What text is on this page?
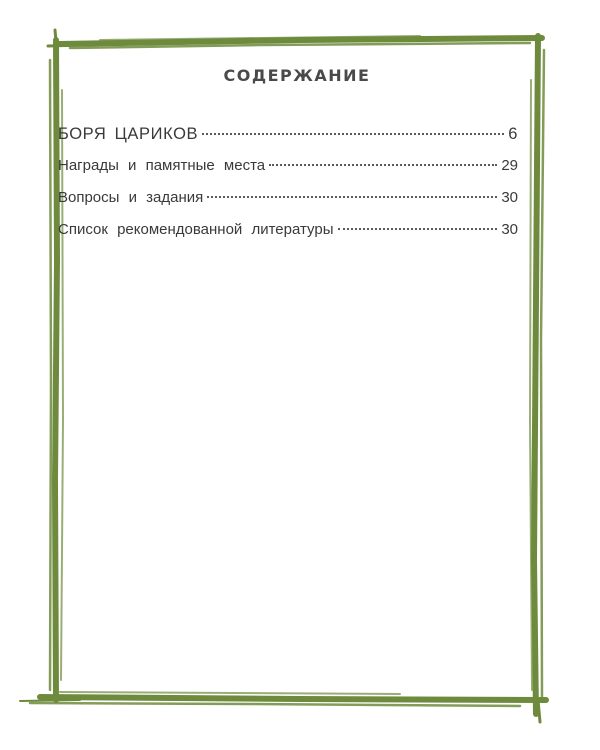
СОДЕРЖАНИЕ
БОРЯ ЦАРИКОВ	6
Награды и памятные места	29
Вопросы и задания	30
Список рекомендованной литературы	30
